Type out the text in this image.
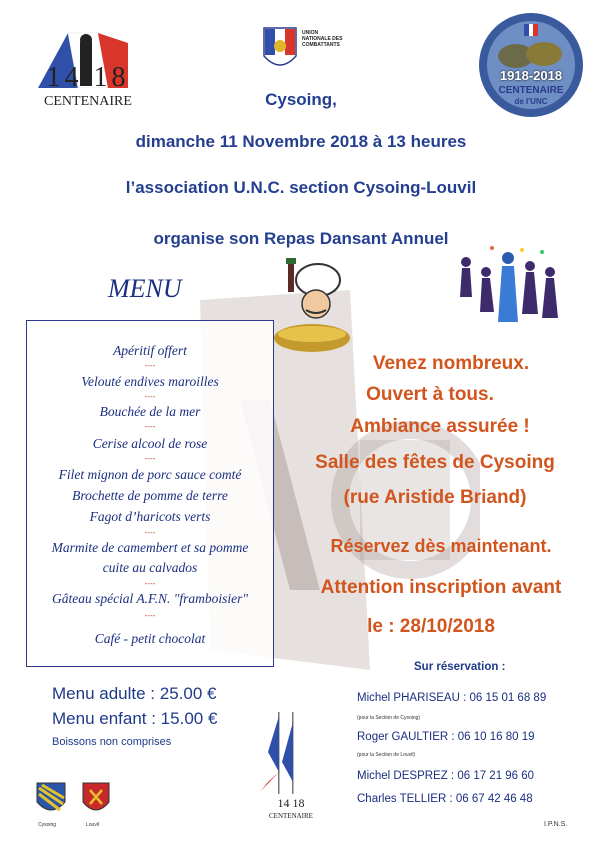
14 18
CENTENAIRE
UNION NATIONALE DES COMBATTANTS
1918-2018
CENTENAIRE
de l'UNC
Cysoing,
dimanche 11 Novembre 2018 à 13 heures
l’association U.N.C. section Cysoing-Louvil
organise son Repas Dansant Annuel
MENU
Apéritif offert
----
Velouté endives maroilles
----
Bouchée de la mer
----
Cerise alcool de rose
----
Filet mignon de porc sauce comté
Brochette de pomme de terre
Fagot d’haricots verts
----
Marmite de camembert et sa pomme
cuite au calvados
----
Gâteau spécial A.F.N. "framboisier"
----
Café - petit chocolat
Venez nombreux.
Ouvert à tous.
Ambiance assurée !
Salle des fêtes de Cysoing
(rue Aristide Briand)
Réservez dès maintenant.
Attention inscription avant
le : 28/10/2018
Menu adulte : 25.00 €
Menu enfant : 15.00 €
Boissons non comprises
Sur réservation :
Michel PHARISEAU : 06 15 01 68 89
(pour la Section de Cysoing)
Roger GAULTIER : 06 10 16 80 19
(pour la Section de Louvil)
Michel DESPREZ : 06 17 21 96 60
Charles TELLIER : 06 67 42 46 48
Cysoing	Louvil
14 18
CENTENAIRE
I.P.N.S.
